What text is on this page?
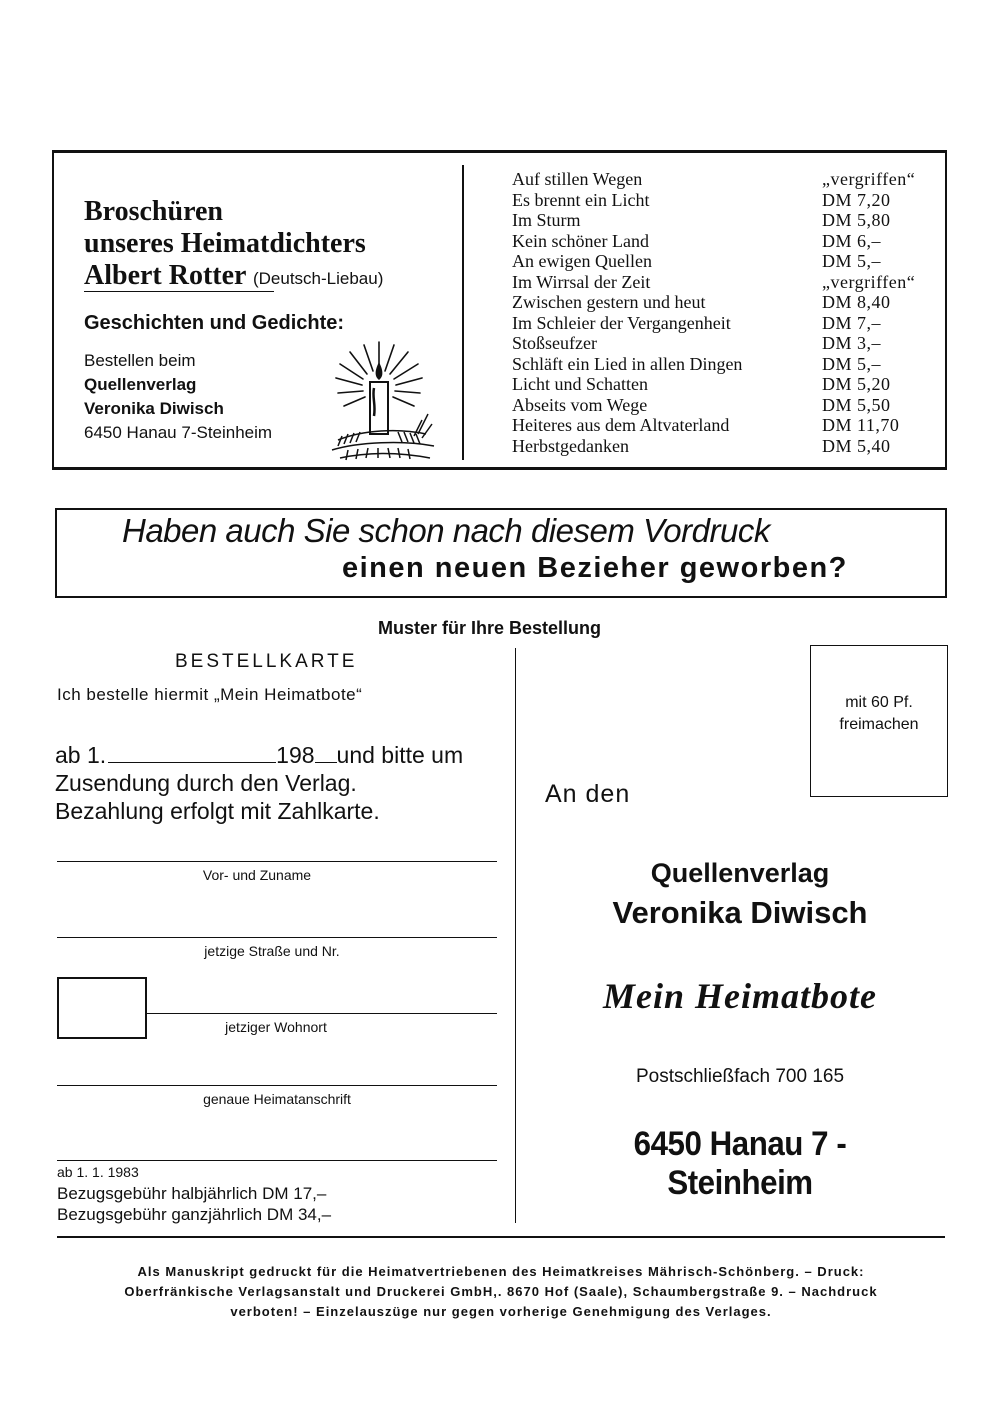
Broschüren
unseres Heimatdichters
Albert Rotter (Deutsch-Liebau)
Geschichten und Gedichte:
Bestellen beim
Quellenverlag
Veronika Diwisch
6450 Hanau 7-Steinheim
Auf stillen Wegen	„vergriffen“
Es brennt ein Licht	DM 7,20
Im Sturm	DM 5,80
Kein schöner Land	DM 6,–
An ewigen Quellen	DM 5,–
Im Wirrsal der Zeit	„vergriffen“
Zwischen gestern und heut	DM 8,40
Im Schleier der Vergangenheit	DM 7,–
Stoßseufzer	DM 3,–
Schläft ein Lied in allen Dingen	DM 5,–
Licht und Schatten	DM 5,20
Abseits vom Wege	DM 5,50
Heiteres aus dem Altvaterland	DM 11,70
Herbstgedanken	DM 5,40
Haben auch Sie schon nach diesem Vordruck
einen neuen Bezieher geworben?
Muster für Ihre Bestellung
BESTELLKARTE
Ich bestelle hiermit „Mein Heimatbote“
ab 1.	198 und bitte um
Zusendung durch den Verlag.
Bezahlung erfolgt mit Zahlkarte.
Vor- und Zuname
jetzige Straße und Nr.
jetziger Wohnort
genaue Heimatanschrift
ab 1. 1. 1983
Bezugsgebühr halbjährlich DM 17,–
Bezugsgebühr ganzjährlich DM 34,–
mit 60 Pf.
freimachen
An den
Quellenverlag
Veronika Diwisch
Mein Heimatbote
Postschließfach 700 165
6450 Hanau 7 - Steinheim
Als Manuskript gedruckt für die Heimatvertriebenen des Heimatkreises Mährisch-Schönberg. – Druck:
Oberfränkische Verlagsanstalt und Druckerei GmbH,. 8670 Hof (Saale), Schaumbergstraße 9. – Nachdruck
verboten! – Einzelauszüge nur gegen vorherige Genehmigung des Verlages.
